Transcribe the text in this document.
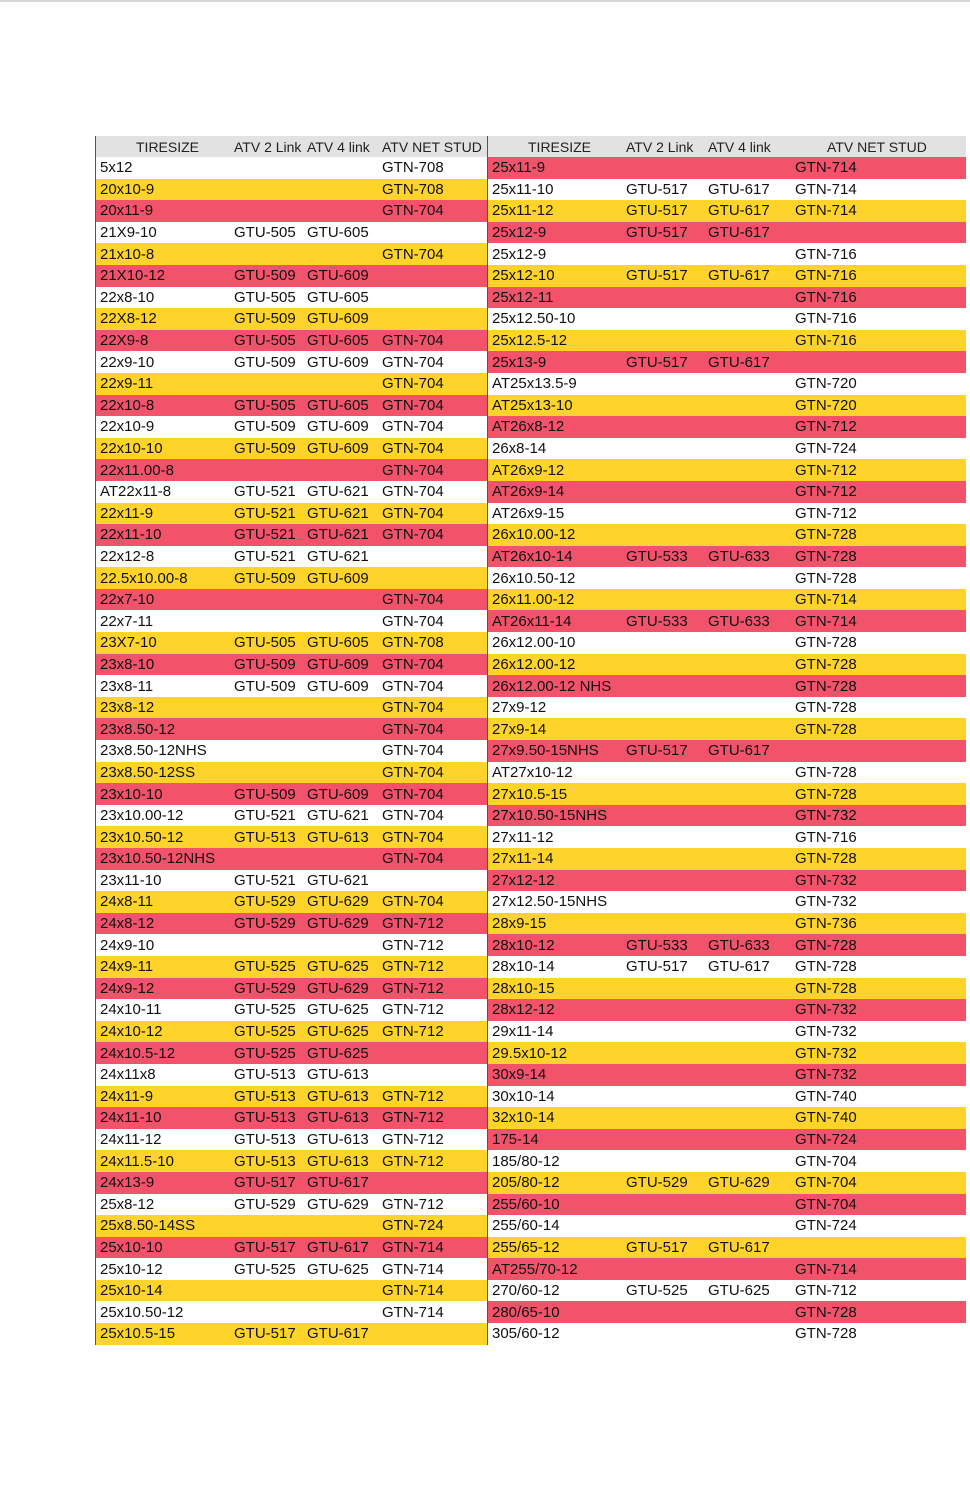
TIRESIZE	ATV 2 Link ATV 4 link ATV NET STUD
5x12	GTN-708
20x10-9	GTN-708
20x11-9	GTN-704
21X9-10	GTU-505 GTU-605
21x10-8	GTN-704
21X10-12	GTU-509 GTU-609
22x8-10	GTU-505 GTU-605
22X8-12	GTU-509 GTU-609
22X9-8	GTU-505 GTU-605 GTN-704
22x9-10	GTU-509 GTU-609 GTN-704
22x9-11	GTN-704
22x10-8	GTU-505 GTU-605 GTN-704
22x10-9	GTU-509 GTU-609 GTN-704
22x10-10	GTU-509 GTU-609 GTN-704
22x11.00-8	GTN-704
AT22x11-8	GTU-521 GTU-621 GTN-704
22x11-9	GTU-521 GTU-621 GTN-704
22x11-10	GTU-521 GTU-621 GTN-704
22x12-8	GTU-521 GTU-621
22.5x10.00-8	GTU-509 GTU-609
22x7-10	GTN-704
22x7-11	GTN-704
23X7-10	GTU-505 GTU-605 GTN-708
23x8-10	GTU-509 GTU-609 GTN-704
23x8-11	GTU-509 GTU-609 GTN-704
23x8-12	GTN-704
23x8.50-12	GTN-704
23x8.50-12NHS	GTN-704
23x8.50-12SS	GTN-704
23x10-10	GTU-509 GTU-609 GTN-704
23x10.00-12	GTU-521 GTU-621 GTN-704
23x10.50-12	GTU-513 GTU-613 GTN-704
23x10.50-12NHS	GTN-704
23x11-10	GTU-521 GTU-621
24x8-11	GTU-529 GTU-629 GTN-704
24x8-12	GTU-529 GTU-629 GTN-712
24x9-10	GTN-712
24x9-11	GTU-525 GTU-625 GTN-712
24x9-12	GTU-529 GTU-629 GTN-712
24x10-11	GTU-525 GTU-625 GTN-712
24x10-12	GTU-525 GTU-625 GTN-712
24x10.5-12	GTU-525 GTU-625
24x11x8	GTU-513 GTU-613
24x11-9	GTU-513 GTU-613 GTN-712
24x11-10	GTU-513 GTU-613 GTN-712
24x11-12	GTU-513 GTU-613 GTN-712
24x11.5-10	GTU-513 GTU-613 GTN-712
24x13-9	GTU-517 GTU-617
25x8-12	GTU-529 GTU-629 GTN-712
25x8.50-14SS	GTN-724
25x10-10	GTU-517 GTU-617 GTN-714
25x10-12	GTU-525 GTU-625 GTN-714
25x10-14	GTN-714
25x10.50-12	GTN-714
25x10.5-15	GTU-517 GTU-617
TIRESIZE	ATV 2 Link	ATV 4 link	ATV NET STUD
25x11-9	GTN-714
25x11-10	GTU-517	GTU-617	GTN-714
25x11-12	GTU-517	GTU-617	GTN-714
25x12-9	GTU-517	GTU-617
25x12-9	GTN-716
25x12-10	GTU-517	GTU-617	GTN-716
25x12-11	GTN-716
25x12.50-10	GTN-716
25x12.5-12	GTN-716
25x13-9	GTU-517	GTU-617
AT25x13.5-9	GTN-720
AT25x13-10	GTN-720
AT26x8-12	GTN-712
26x8-14	GTN-724
AT26x9-12	GTN-712
AT26x9-14	GTN-712
AT26x9-15	GTN-712
26x10.00-12	GTN-728
AT26x10-14	GTU-533	GTU-633	GTN-728
26x10.50-12	GTN-728
26x11.00-12	GTN-714
AT26x11-14	GTU-533	GTU-633	GTN-714
26x12.00-10	GTN-728
26x12.00-12	GTN-728
26x12.00-12 NHS	GTN-728
27x9-12	GTN-728
27x9-14	GTN-728
27x9.50-15NHS	GTU-517	GTU-617
AT27x10-12	GTN-728
27x10.5-15	GTN-728
27x10.50-15NHS	GTN-732
27x11-12	GTN-716
27x11-14	GTN-728
27x12-12	GTN-732
27x12.50-15NHS	GTN-732
28x9-15	GTN-736
28x10-12	GTU-533	GTU-633	GTN-728
28x10-14	GTU-517	GTU-617	GTN-728
28x10-15	GTN-728
28x12-12	GTN-732
29x11-14	GTN-732
29.5x10-12	GTN-732
30x9-14	GTN-732
30x10-14	GTN-740
32x10-14	GTN-740
175-14	GTN-724
185/80-12	GTN-704
205/80-12	GTU-529	GTU-629	GTN-704
255/60-10	GTN-704
255/60-14	GTN-724
255/65-12	GTU-517	GTU-617
AT255/70-12	GTN-714
270/60-12	GTU-525	GTU-625	GTN-712
280/65-10	GTN-728
305/60-12	GTN-728
